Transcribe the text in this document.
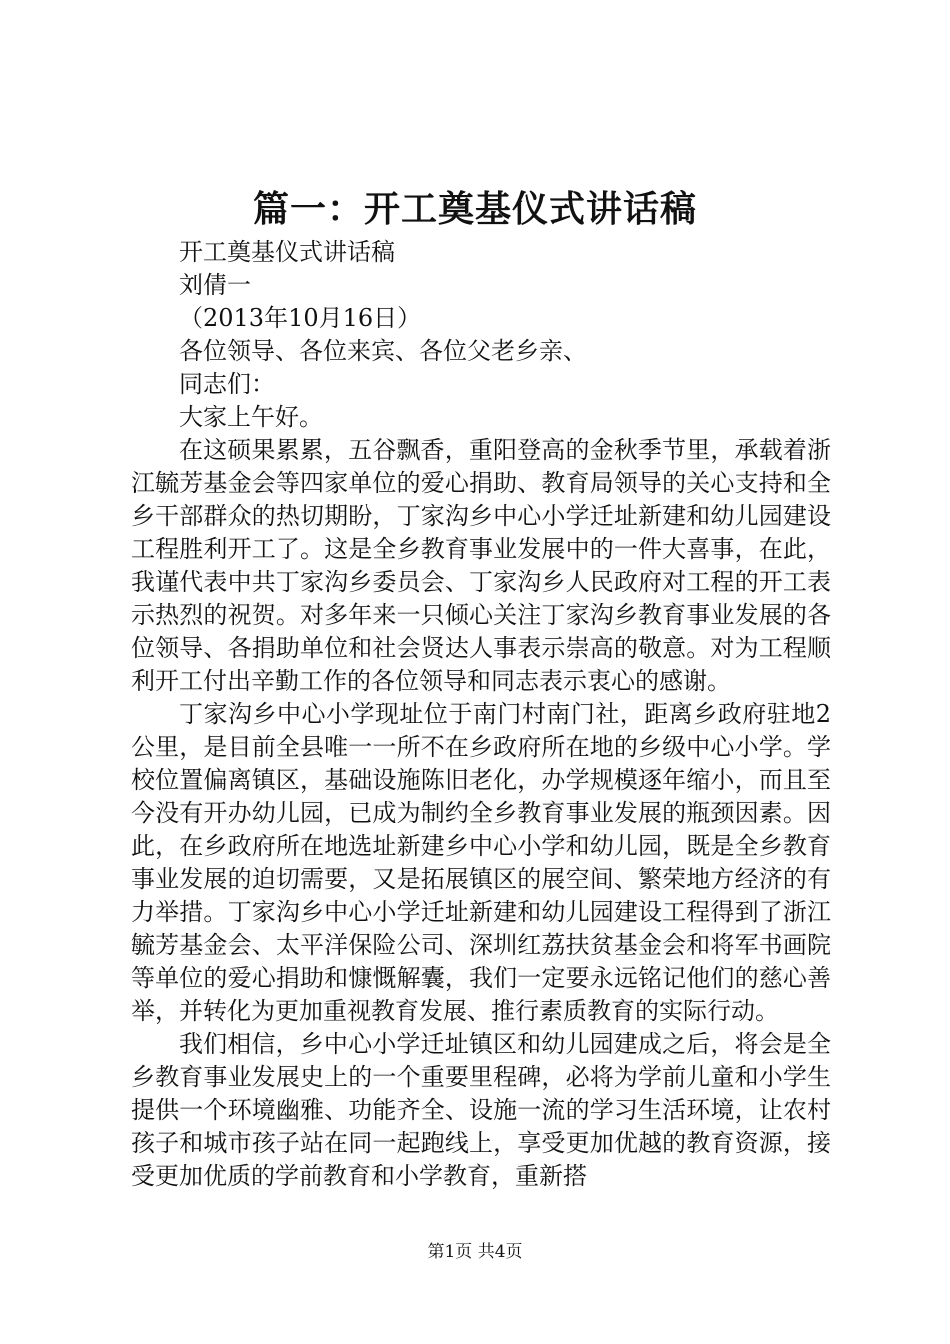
篇一：开工奠基仪式讲话稿

开工奠基仪式讲话稿

刘倩一

（2013年10月16日）

各位领导、各位来宾、各位父老乡亲、

同志们：

大家上午好。

在这硕果累累，五谷飘香，重阳登高的金秋季节里，承载着浙江毓芳基金会等四家单位的爱心捐助、教育局领导的关心支持和全乡干部群众的热切期盼，丁家沟乡中心小学迁址新建和幼儿园建设工程胜利开工了。这是全乡教育事业发展中的一件大喜事，在此，我谨代表中共丁家沟乡委员会、丁家沟乡人民政府对工程的开工表示热烈的祝贺。对多年来一只倾心关注丁家沟乡教育事业发展的各位领导、各捐助单位和社会贤达人事表示崇高的敬意。对为工程顺利开工付出辛勤工作的各位领导和同志表示衷心的感谢。

丁家沟乡中心小学现址位于南门村南门社，距离乡政府驻地2公里，是目前全县唯一一所不在乡政府所在地的乡级中心小学。学校位置偏离镇区，基础设施陈旧老化，办学规模逐年缩小，而且至今没有开办幼儿园，已成为制约全乡教育事业发展的瓶颈因素。因此，在乡政府所在地选址新建乡中心小学和幼儿园，既是全乡教育事业发展的迫切需要，又是拓展镇区的展空间、繁荣地方经济的有力举措。丁家沟乡中心小学迁址新建和幼儿园建设工程得到了浙江毓芳基金会、太平洋保险公司、深圳红荔扶贫基金会和将军书画院等单位的爱心捐助和慷慨解囊，我们一定要永远铭记他们的慈心善举，并转化为更加重视教育发展、推行素质教育的实际行动。

我们相信，乡中心小学迁址镇区和幼儿园建成之后，将会是全乡教育事业发展史上的一个重要里程碑，必将为学前儿童和小学生提供一个环境幽雅、功能齐全、设施一流的学习生活环境，让农村孩子和城市孩子站在同一起跑线上，享受更加优越的教育资源，接受更加优质的学前教育和小学教育，重新搭

第1页 共4页
